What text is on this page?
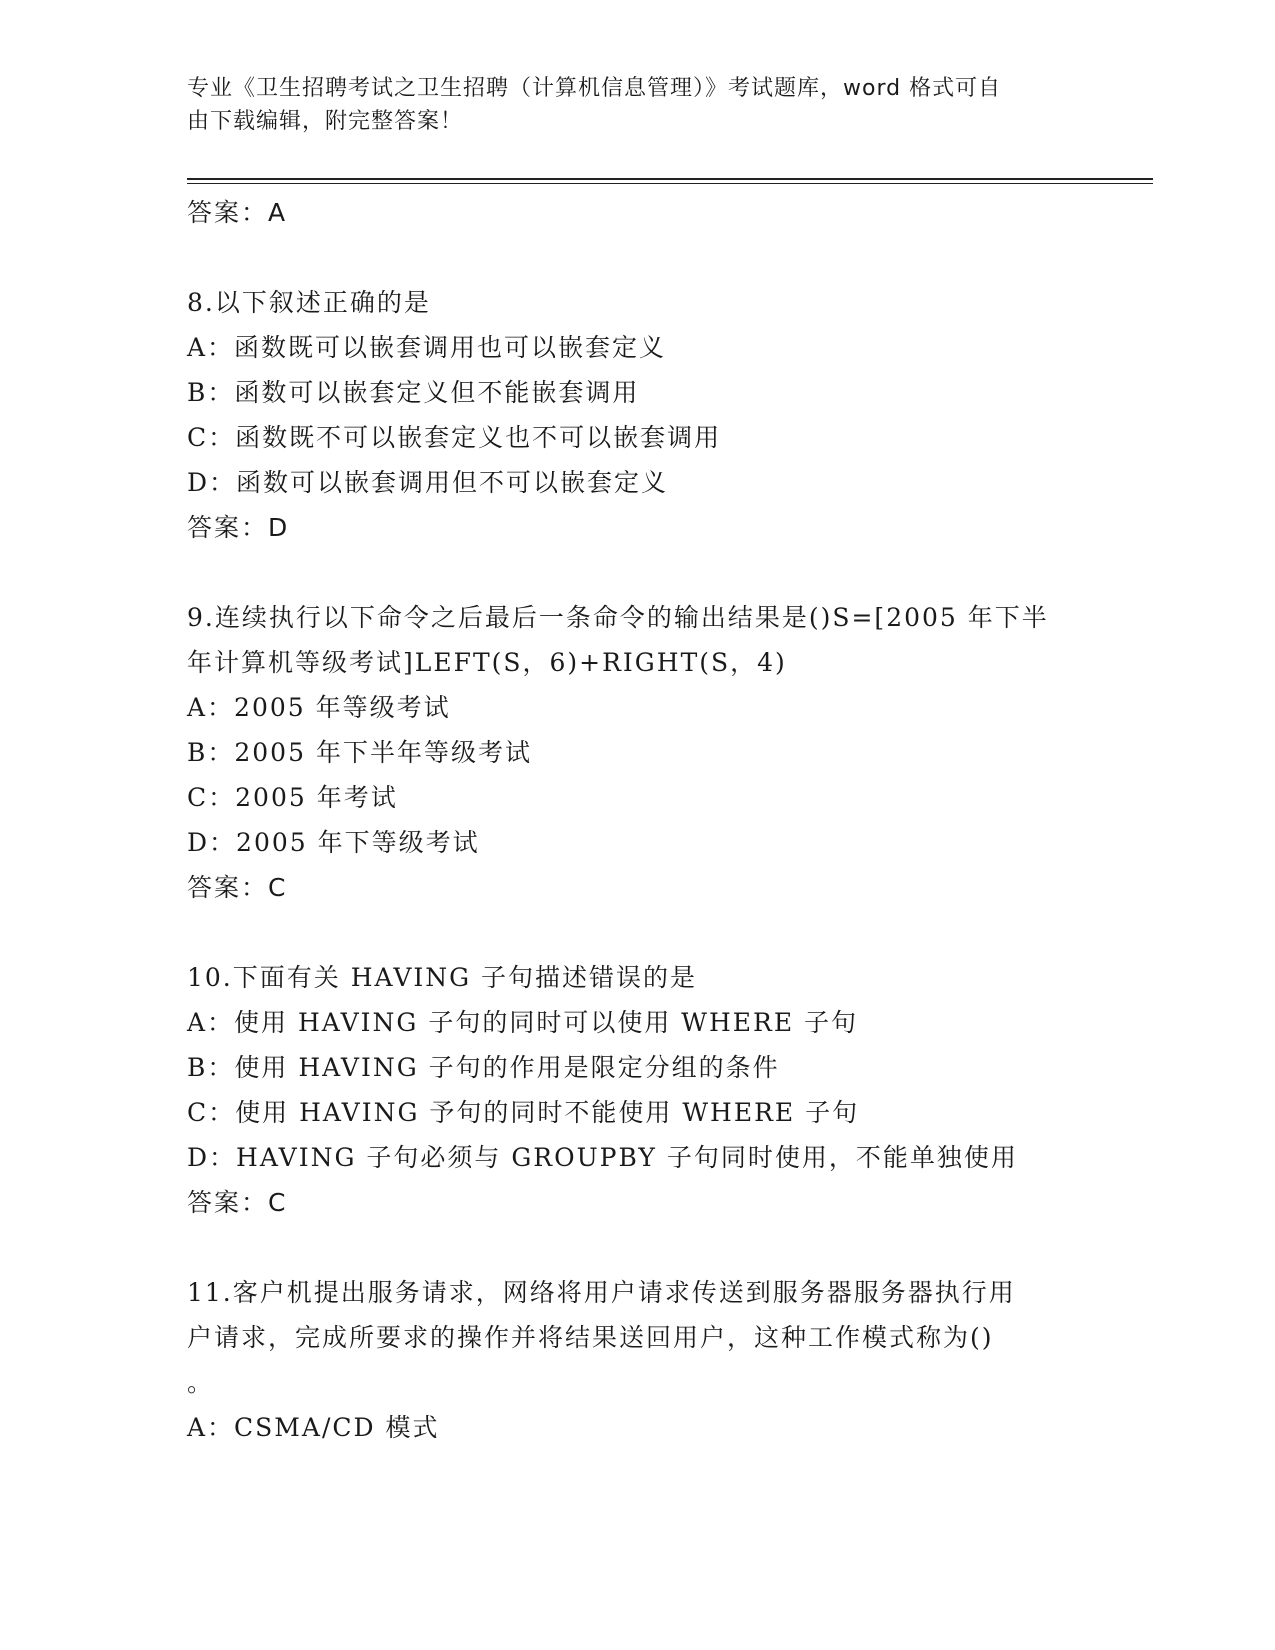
专业《卫生招聘考试之卫生招聘（计算机信息管理）》考试题库，word 格式可自
由下载编辑，附完整答案！
答案：A
8.以下叙述正确的是
A：函数既可以嵌套调用也可以嵌套定义
B：函数可以嵌套定义但不能嵌套调用
C：函数既不可以嵌套定义也不可以嵌套调用
D：函数可以嵌套调用但不可以嵌套定义
答案：D
9.连续执行以下命令之后最后一条命令的输出结果是()S=[2005 年下半
年计算机等级考试]LEFT(S，6)+RIGHT(S，4)
A：2005 年等级考试
B：2005 年下半年等级考试
C：2005 年考试
D：2005 年下等级考试
答案：C
10.下面有关 HAVING 子句描述错误的是
A：使用 HAVING 子句的同时可以使用 WHERE 子句
B：使用 HAVING 子句的作用是限定分组的条件
C：使用 HAVING 予句的同时不能使用 WHERE 子句
D：HAVING 子句必须与 GROUPBY 子句同时使用，不能单独使用
答案：C
11.客户机提出服务请求，网络将用户请求传送到服务器服务器执行用
户请求，完成所要求的操作并将结果送回用户，这种工作模式称为()
。
A：CSMA/CD 模式
